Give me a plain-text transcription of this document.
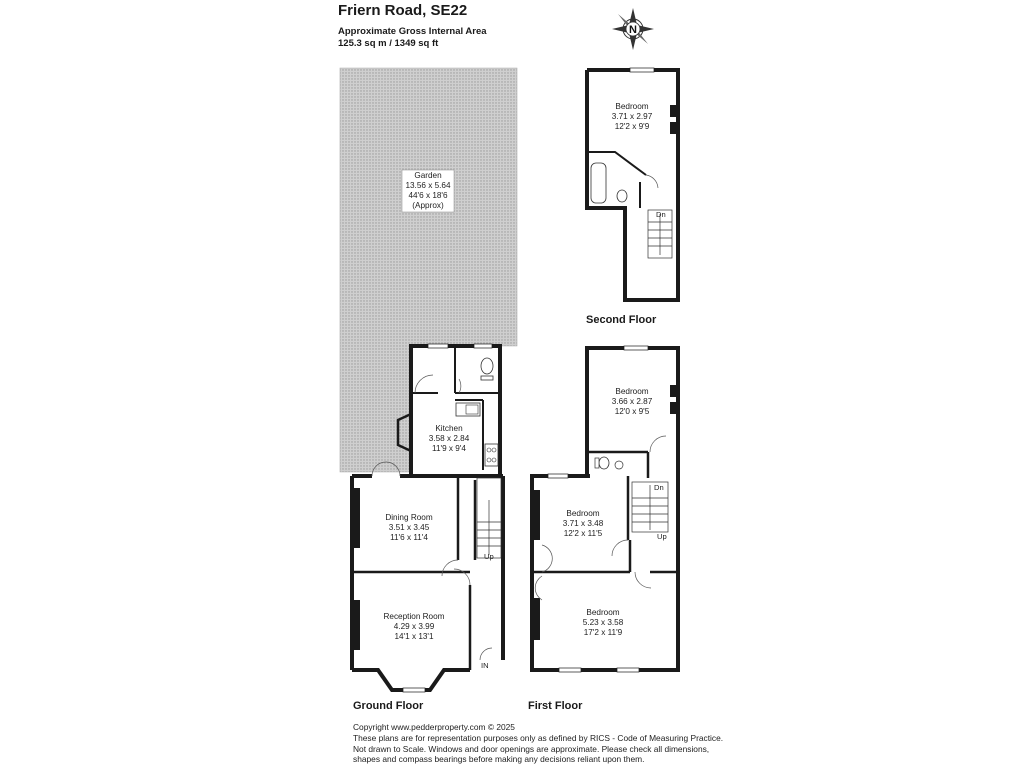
Friern Road, SE22
Approximate Gross Internal Area
125.3 sq m / 1349 sq ft
N
Garden
13.56 x 5.64
44'6 x 18'6
(Approx)
Kitchen
3.58 x 2.84
11'9 x 9'4
Dining Room
3.51 x 3.45
11'6 x 11'4
Reception Room
4.29 x 3.99
14'1 x 13'1
Up
IN
Bedroom
3.66 x 2.87
12'0 x 9'5
Bedroom
3.71 x 3.48
12'2 x 11'5
Bedroom
5.23 x 3.58
17'2 x 11'9
Dn
Up
Bedroom
3.71 x 2.97
12'2 x 9'9
Dn
Second Floor
Ground Floor	First Floor
Copyright www.pedderproperty.com © 2025
These plans are for representation purposes only as defined by RICS - Code of Measuring Practice.
Not drawn to Scale. Windows and door openings are approximate. Please check all dimensions,
shapes and compass bearings before making any decisions reliant upon them.
